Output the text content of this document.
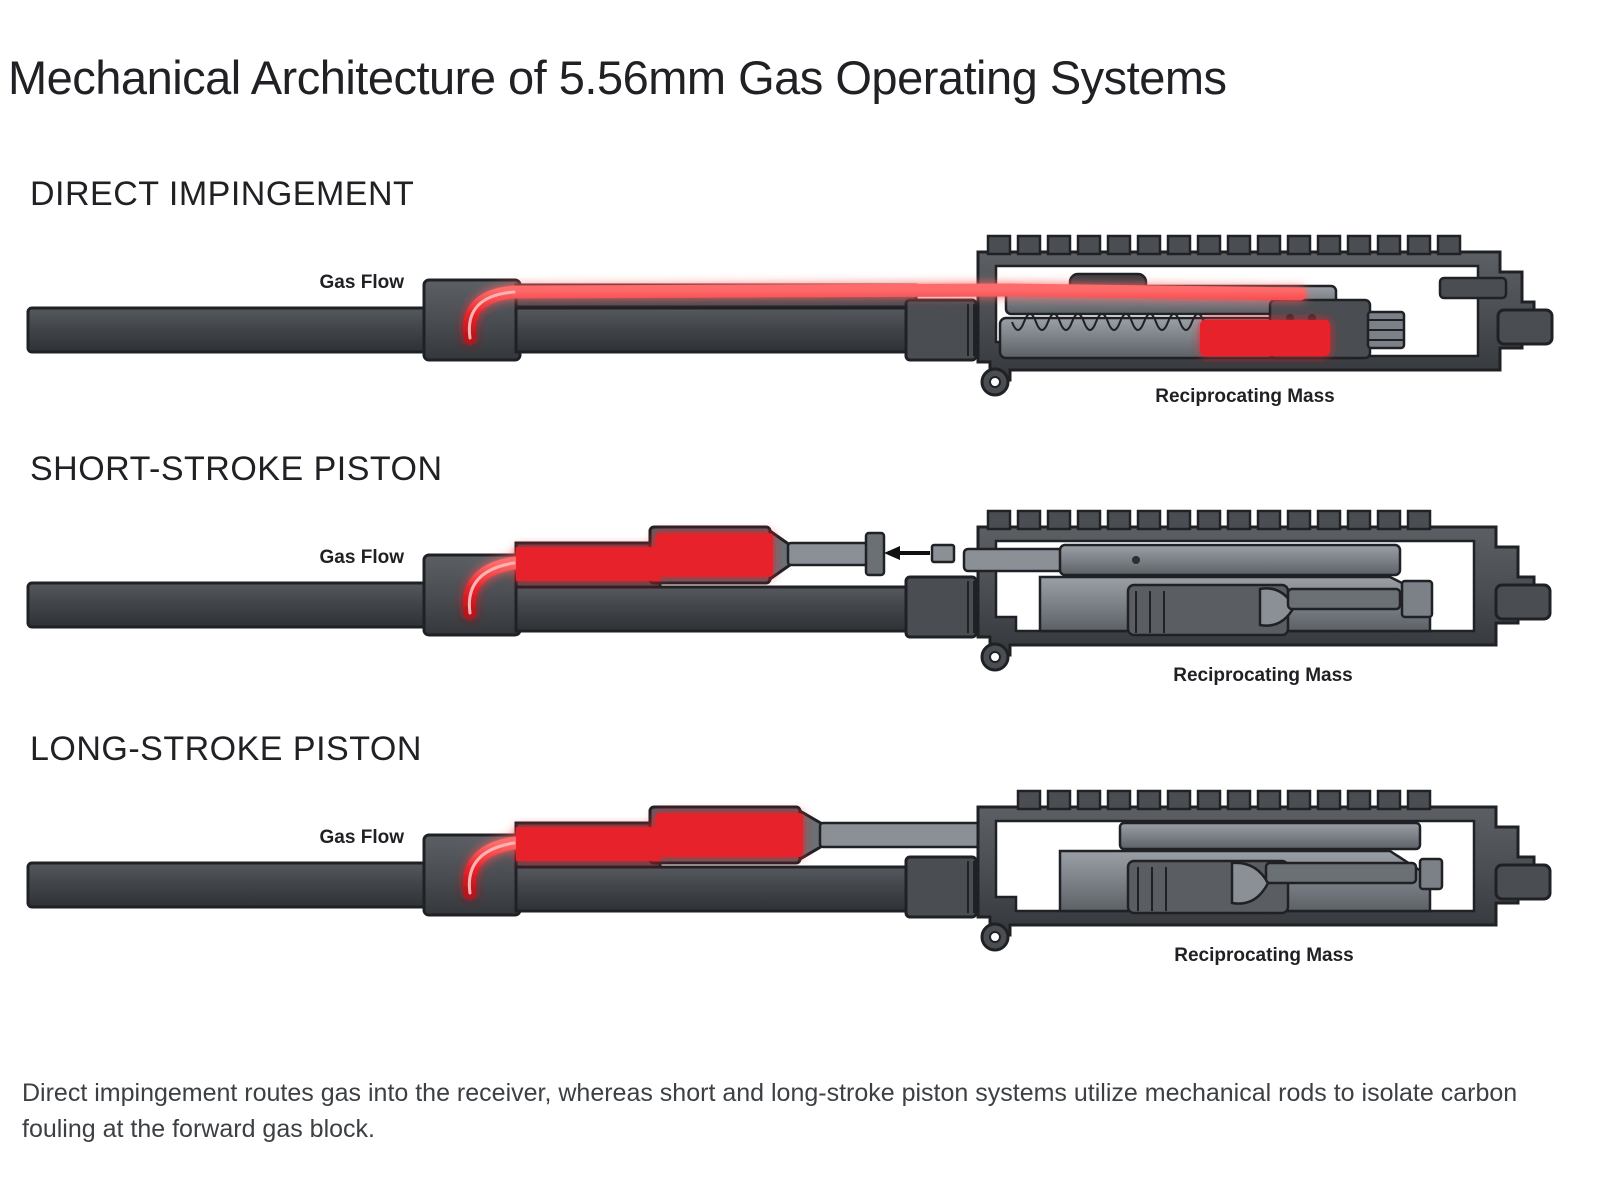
Mechanical Architecture of 5.56mm Gas Operating Systems
DIRECT IMPINGEMENT
Gas Flow
Reciprocating Mass
SHORT-STROKE PISTON
Gas Flow
Reciprocating Mass
LONG-STROKE PISTON
Gas Flow
Reciprocating Mass
Direct impingement routes gas into the receiver, whereas short and long-stroke piston systems utilize mechanical rods to isolate carbon fouling at the forward gas block.
